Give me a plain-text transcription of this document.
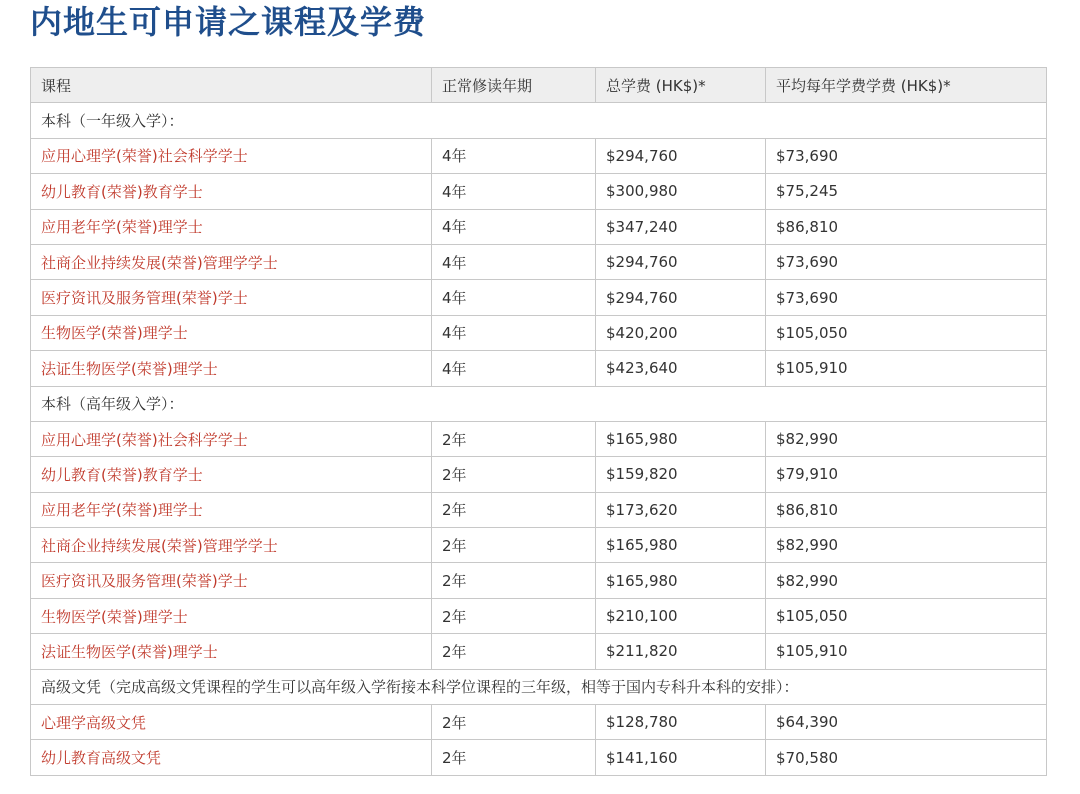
内地生可申请之课程及学费
课程	正常修读年期	总学费 (HK$)*	平均每年学费学费 (HK$)*
本科（一年级入学）：			
应用心理学(荣誉)社会科学学士	4年	$294,760	$73,690
幼儿教育(荣誉)教育学士	4年	$300,980	$75,245
应用老年学(荣誉)理学士	4年	$347,240	$86,810
社商企业持续发展(荣誉)管理学学士	4年	$294,760	$73,690
医疗资讯及服务管理(荣誉)学士	4年	$294,760	$73,690
生物医学(荣誉)理学士	4年	$420,200	$105,050
法证生物医学(荣誉)理学士	4年	$423,640	$105,910
本科（高年级入学）：			
应用心理学(荣誉)社会科学学士	2年	$165,980	$82,990
幼儿教育(荣誉)教育学士	2年	$159,820	$79,910
应用老年学(荣誉)理学士	2年	$173,620	$86,810
社商企业持续发展(荣誉)管理学学士	2年	$165,980	$82,990
医疗资讯及服务管理(荣誉)学士	2年	$165,980	$82,990
生物医学(荣誉)理学士	2年	$210,100	$105,050
法证生物医学(荣誉)理学士	2年	$211,820	$105,910
高级文凭（完成高级文凭课程的学生可以高年级入学衔接本科学位课程的三年级，相等于国内专科升本科的安排）：			
心理学高级文凭	2年	$128,780	$64,390
幼儿教育高级文凭	2年	$141,160	$70,580
